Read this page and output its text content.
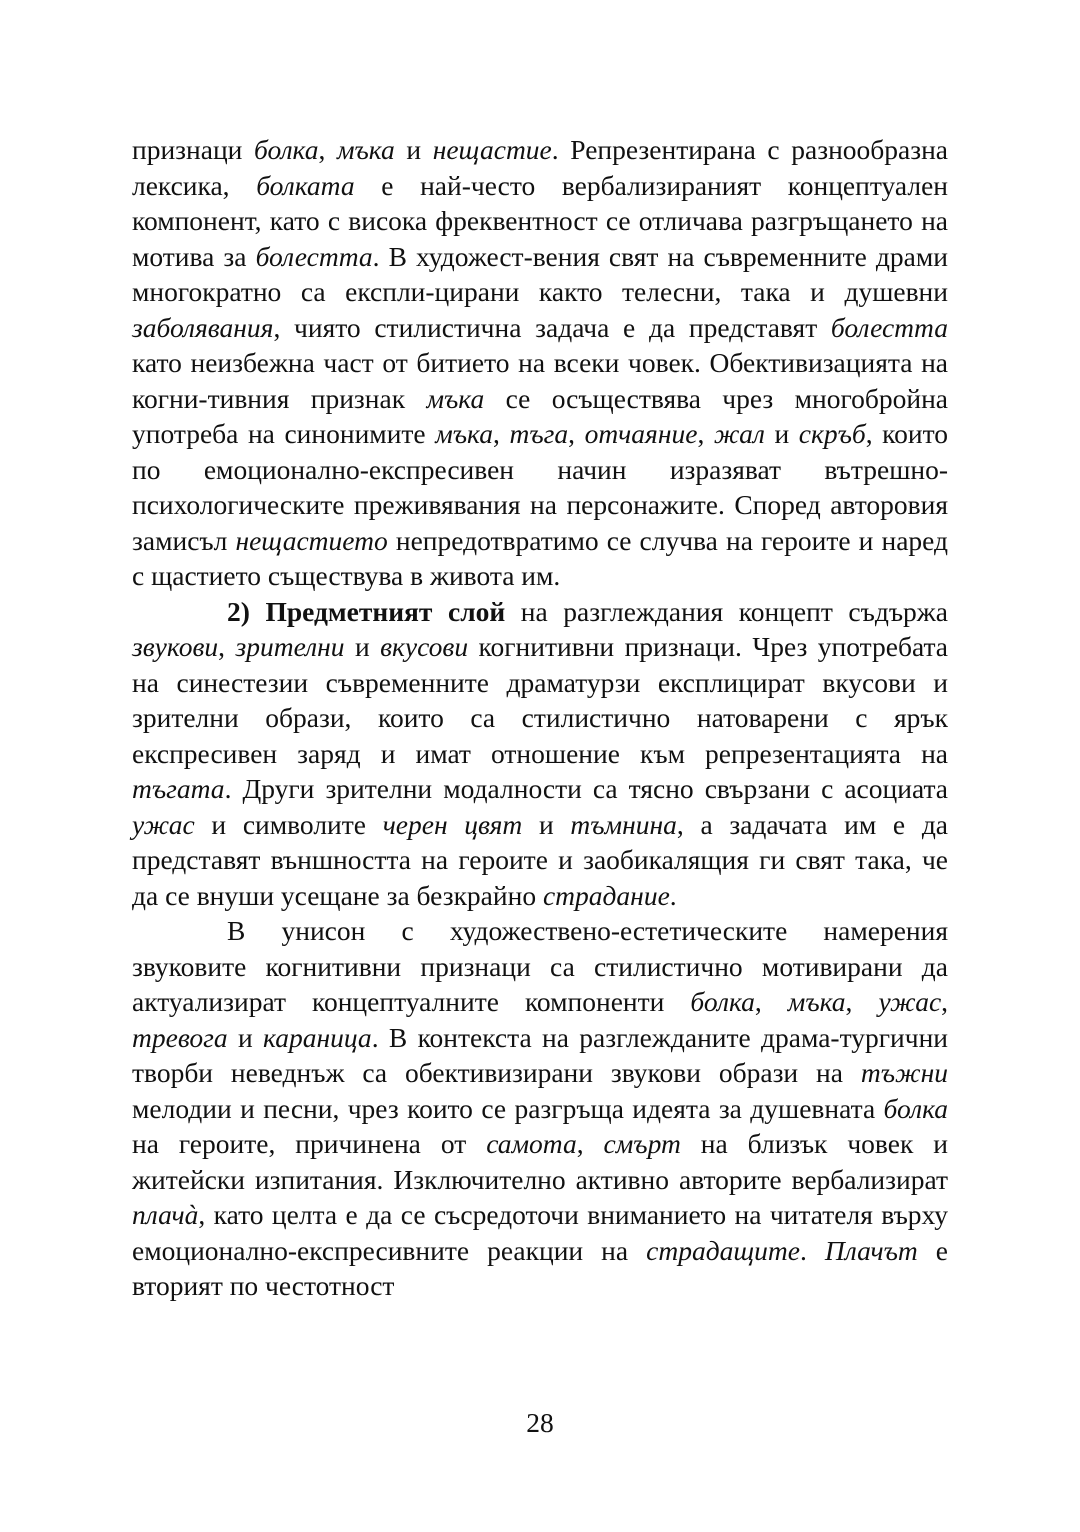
признаци болка, мъка и нещастие. Репрезентирана с разнообразна лексика, болката е най-често вербализираният концептуален компонент, като с висока фреквентност се отличава разгръщането на мотива за болестта. В художест-вения свят на съвременните драми многократно са експли-цирани както телесни, така и душевни заболявания, чиято стилистична задача е да представят болестта като неизбежна част от битието на всеки човек. Обективизацията на когни-тивния признак мъка се осъществява чрез многобройна употреба на синонимите мъка, тъга, отчаяние, жал и скръб, които по емоционално-експресивен начин изразяват вътрешно-психологическите преживявания на персонажите. Според авторовия замисъл нещастието непредотвратимо се случва на героите и наред с щастието съществува в живота им.

2) Предметният слой на разглеждания концепт съдържа звукови, зрителни и вкусови когнитивни признаци. Чрез употребата на синестезии съвременните драматурзи експлицират вкусови и зрителни образи, които са стилистично натоварени с ярък експресивен заряд и имат отношение към репрезентацията на тъгата. Други зрителни модалности са тясно свързани с асоциата ужас и символите черен цвят и тъмнина, а задачата им е да представят външността на героите и заобикалящия ги свят така, че да се внуши усещане за безкрайно страдание.

В унисон с художествено-естетическите намерения звуковите когнитивни признаци са стилистично мотивирани да актуализират концептуалните компоненти болка, мъка, ужас, тревога и караница. В контекста на разглежданите драма-тургични творби неведнъж са обективизирани звукови образи на тъжни мелодии и песни, чрез които се разгръща идеята за душевната болка на героите, причинена от самота, смърт на близък човек и житейски изпитания. Изключително активно авторите вербализират плачà, като целта е да се съсредоточи вниманието на читателя върху емоционално-експресивните реакции на страдащите. Плачът е вторият по честотност

28
